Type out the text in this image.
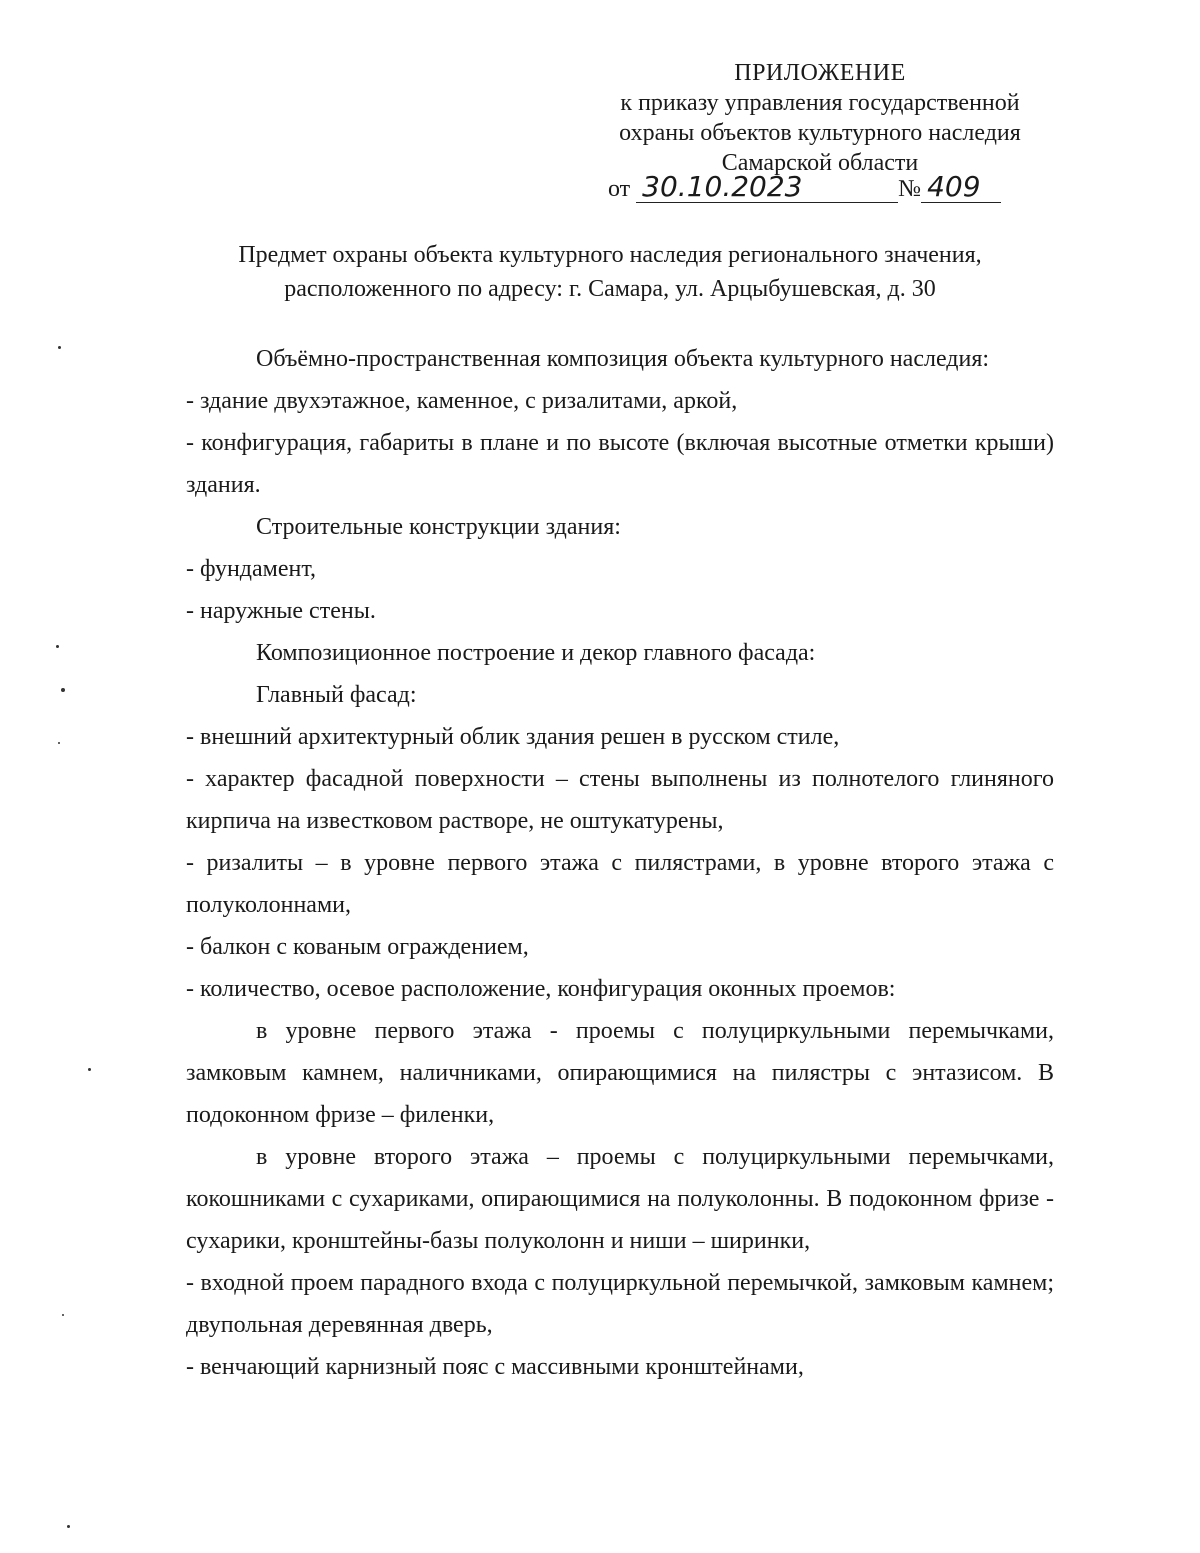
ПРИЛОЖЕНИЕ
к приказу управления государственной
охраны объектов культурного наследия
Самарской области
от 30.10.2023	№ 409
Предмет охраны объекта культурного наследия регионального значения,
расположенного по адресу: г. Самара, ул. Арцыбушевская, д. 30

Объёмно-пространственная композиция объекта культурного наследия:

- здание двухэтажное, каменное, с ризалитами, аркой,

- конфигурация, габариты в плане и по высоте (включая высотные отметки крыши) здания.

Строительные конструкции здания:

- фундамент,

- наружные стены.

Композиционное построение и декор главного фасада:

Главный фасад:

- внешний архитектурный облик здания решен в русском стиле,

- характер фасадной поверхности – стены выполнены из полнотелого глиняного кирпича на известковом растворе, не оштукатурены,

- ризалиты – в уровне первого этажа с пилястрами, в уровне второго этажа с полуколоннами,

- балкон с кованым ограждением,

- количество, осевое расположение, конфигурация оконных проемов:

в уровне первого этажа - проемы с полуциркульными перемычками, замковым камнем, наличниками, опирающимися на пилястры с энтазисом. В подоконном фризе – филенки,

в уровне второго этажа – проемы с полуциркульными перемычками, кокошниками с сухариками, опирающимися на полуколонны. В подоконном фризе - сухарики, кронштейны-базы полуколонн и ниши – ширинки,

- входной проем парадного входа с полуциркульной перемычкой, замковым камнем; двупольная деревянная дверь,

- венчающий карнизный пояс с массивными кронштейнами,
